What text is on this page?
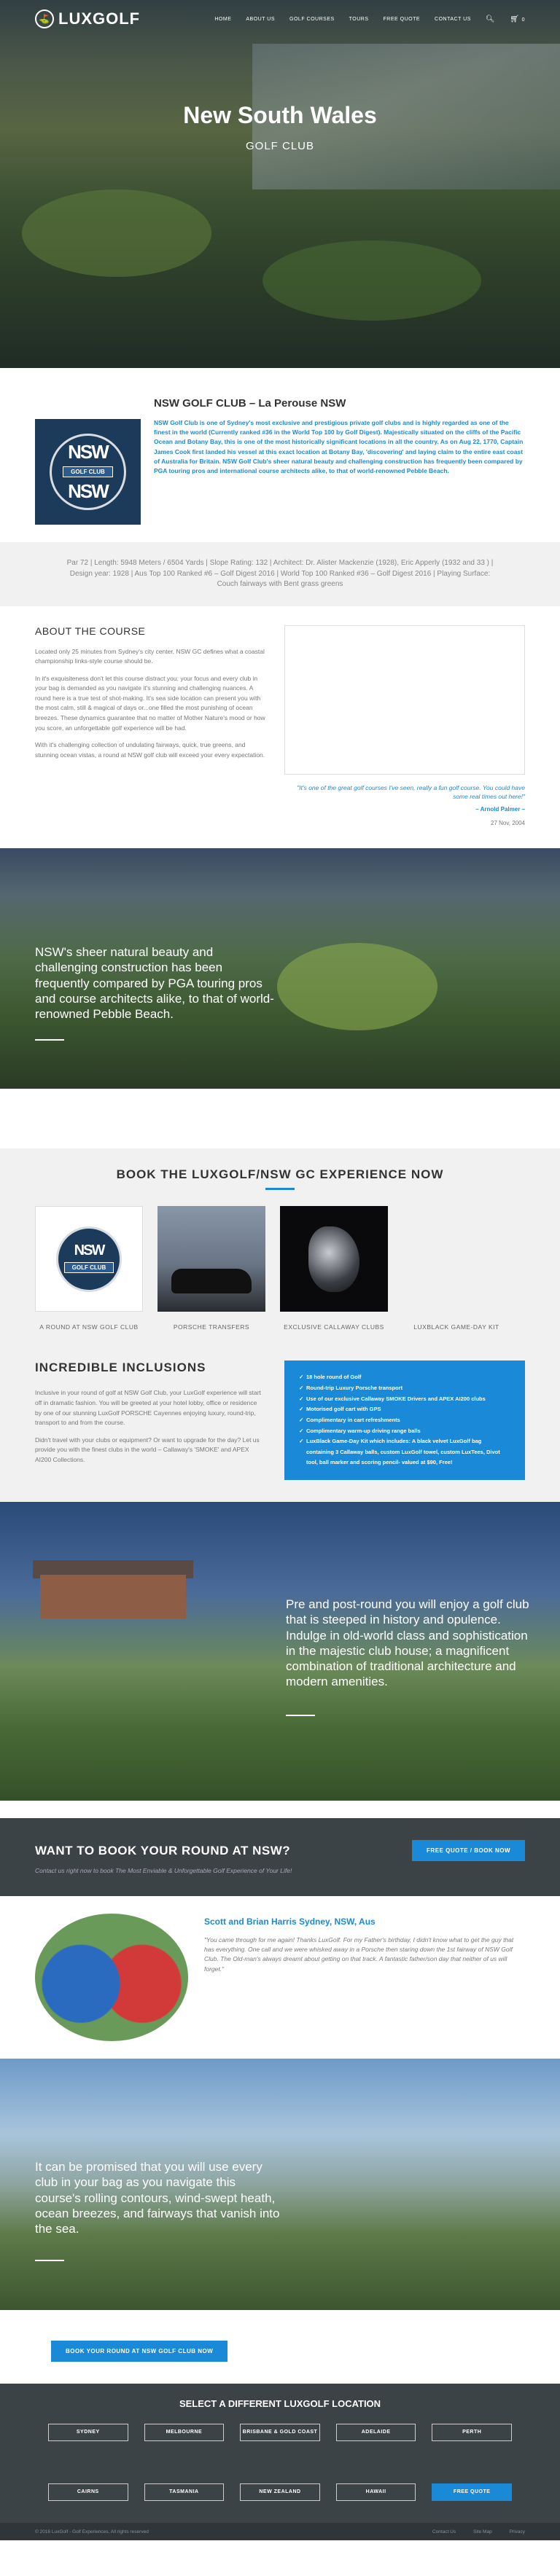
⛳ LUXGOLF	HOME	ABOUT US	GOLF COURSES	TOURS	FREE QUOTE	CONTACT US 🔍︎ 🛒︎ 0
New South Wales
GOLF CLUB
NSW
GOLF CLUB
NSW
NSW GOLF CLUB – La Perouse NSW

NSW Golf Club is one of Sydney's most exclusive and prestigious private golf clubs and is highly regarded as one of the finest in the world (Currently ranked #36 in the World Top 100 by Golf Digest). Majestically situated on the cliffs of the Pacific Ocean and Botany Bay, this is one of the most historically significant locations in all the country. As on Aug 22, 1770, Captain James Cook first landed his vessel at this exact location at Botany Bay, 'discovering' and laying claim to the entire east coast of Australia for Britain. NSW Golf Club's sheer natural beauty and challenging construction has frequently been compared by PGA touring pros and international course architects alike, to that of world-renowned Pebble Beach.

Par 72 | Length: 5948 Meters / 6504 Yards | Slope Rating: 132 | Architect: Dr. Alister Mackenzie (1928), Eric Apperly (1932 and 33 ) | Design year: 1928 | Aus Top 100 Ranked #6 – Golf Digest 2016 | World Top 100 Ranked #36 – Golf Digest 2016 | Playing Surface: Couch fairways with Bent grass greens
ABOUT THE COURSE

Located only 25 minutes from Sydney's city center, NSW GC defines what a coastal championship links-style course should be.

In it's exquisiteness don't let this course distract you: your focus and every club in your bag is demanded as you navigate it's stunning and challenging nuances. A round here is a true test of shot-making. It's sea side location can present you with the most calm, still & magical of days or...one filled the most punishing of ocean breezes. These dynamics guarantee that no matter of Mother Nature's mood or how you score, an unforgettable golf experience will be had.

With it's challenging collection of undulating fairways, quick, true greens, and stunning ocean vistas, a round at NSW golf club will exceed your every expectation.

"It's one of the great golf courses I've seen, really a fun golf course. You could have some real times out here!"
– Arnold Palmer –
27 Nov, 2004
NSW's sheer natural beauty and challenging construction has been frequently compared by PGA touring pros and course architects alike, to that of world-renowned Pebble Beach.
BOOK THE LUXGOLF/NSW GC EXPERIENCE NOW
NSW
GOLF CLUB
A ROUND AT NSW GOLF CLUB	PORSCHE TRANSFERS	EXCLUSIVE CALLAWAY CLUBS	LUXBLACK GAME-DAY KIT
INCREDIBLE INCLUSIONS

Inclusive in your round of golf at NSW Golf Club, your LuxGolf experience will start off in dramatic fashion. You will be greeted at your hotel lobby, office or residence by one of our stunning LuxGolf PORSCHE Cayennes enjoying luxury, round-trip, transport to and from the course.

Didn't travel with your clubs or equipment? Or want to upgrade for the day? Let us provide you with the finest clubs in the world – Callaway's 'SMOKE' and APEX AI200 Collections.

✓ 18 hole round of Golf
✓ Round-trip Luxury Porsche transport
✓ Use of our exclusive Callaway SMOKE Drivers and APEX AI200 clubs
✓ Motorised golf cart with GPS
✓ Complimentary in cart refreshments
✓ Complimentary warm-up driving range balls
✓ LuxBlack Game-Day Kit which includes: A black velvet LuxGolf bag containing 3 Callaway balls, custom LuxGolf towel, custom LuxTees, Divot tool, ball marker and scoring pencil- valued at $90, Free!
Pre and post-round you will enjoy a golf club that is steeped in history and opulence. Indulge in old-world class and sophistication in the majestic club house; a magnificent combination of traditional architecture and modern amenities.
WANT TO BOOK YOUR ROUND AT NSW?	FREE QUOTE / BOOK NOW

Contact us right now to book The Most Enviable & Unforgettable Golf Experience of Your Life!

Scott and Brian Harris Sydney, NSW, Aus

"You came through for me again! Thanks LuxGolf. For my Father's birthday, I didn't know what to get the guy that has everything. One call and we were whisked away in a Porsche then staring down the 1st fairway of NSW Golf Club. The Old-man's always dreamt about getting on that track. A fantastic father/son day that neither of us will forget."

It can be promised that you will use every club in your bag as you navigate this course's rolling contours, wind-swept heath, ocean breezes, and fairways that vanish into the sea.
BOOK YOUR ROUND AT NSW GOLF CLUB NOW
SELECT A DIFFERENT LUXGOLF LOCATION
SYDNEY	MELBOURNE	BRISBANE & GOLD COAST	ADELAIDE	PERTH
CAIRNS	TASMANIA	NEW ZEALAND	HAWAII	FREE QUOTE
© 2016 LuxGolf - Golf Experiences, All rights reserved	Contact Us	Site Map	Privacy
